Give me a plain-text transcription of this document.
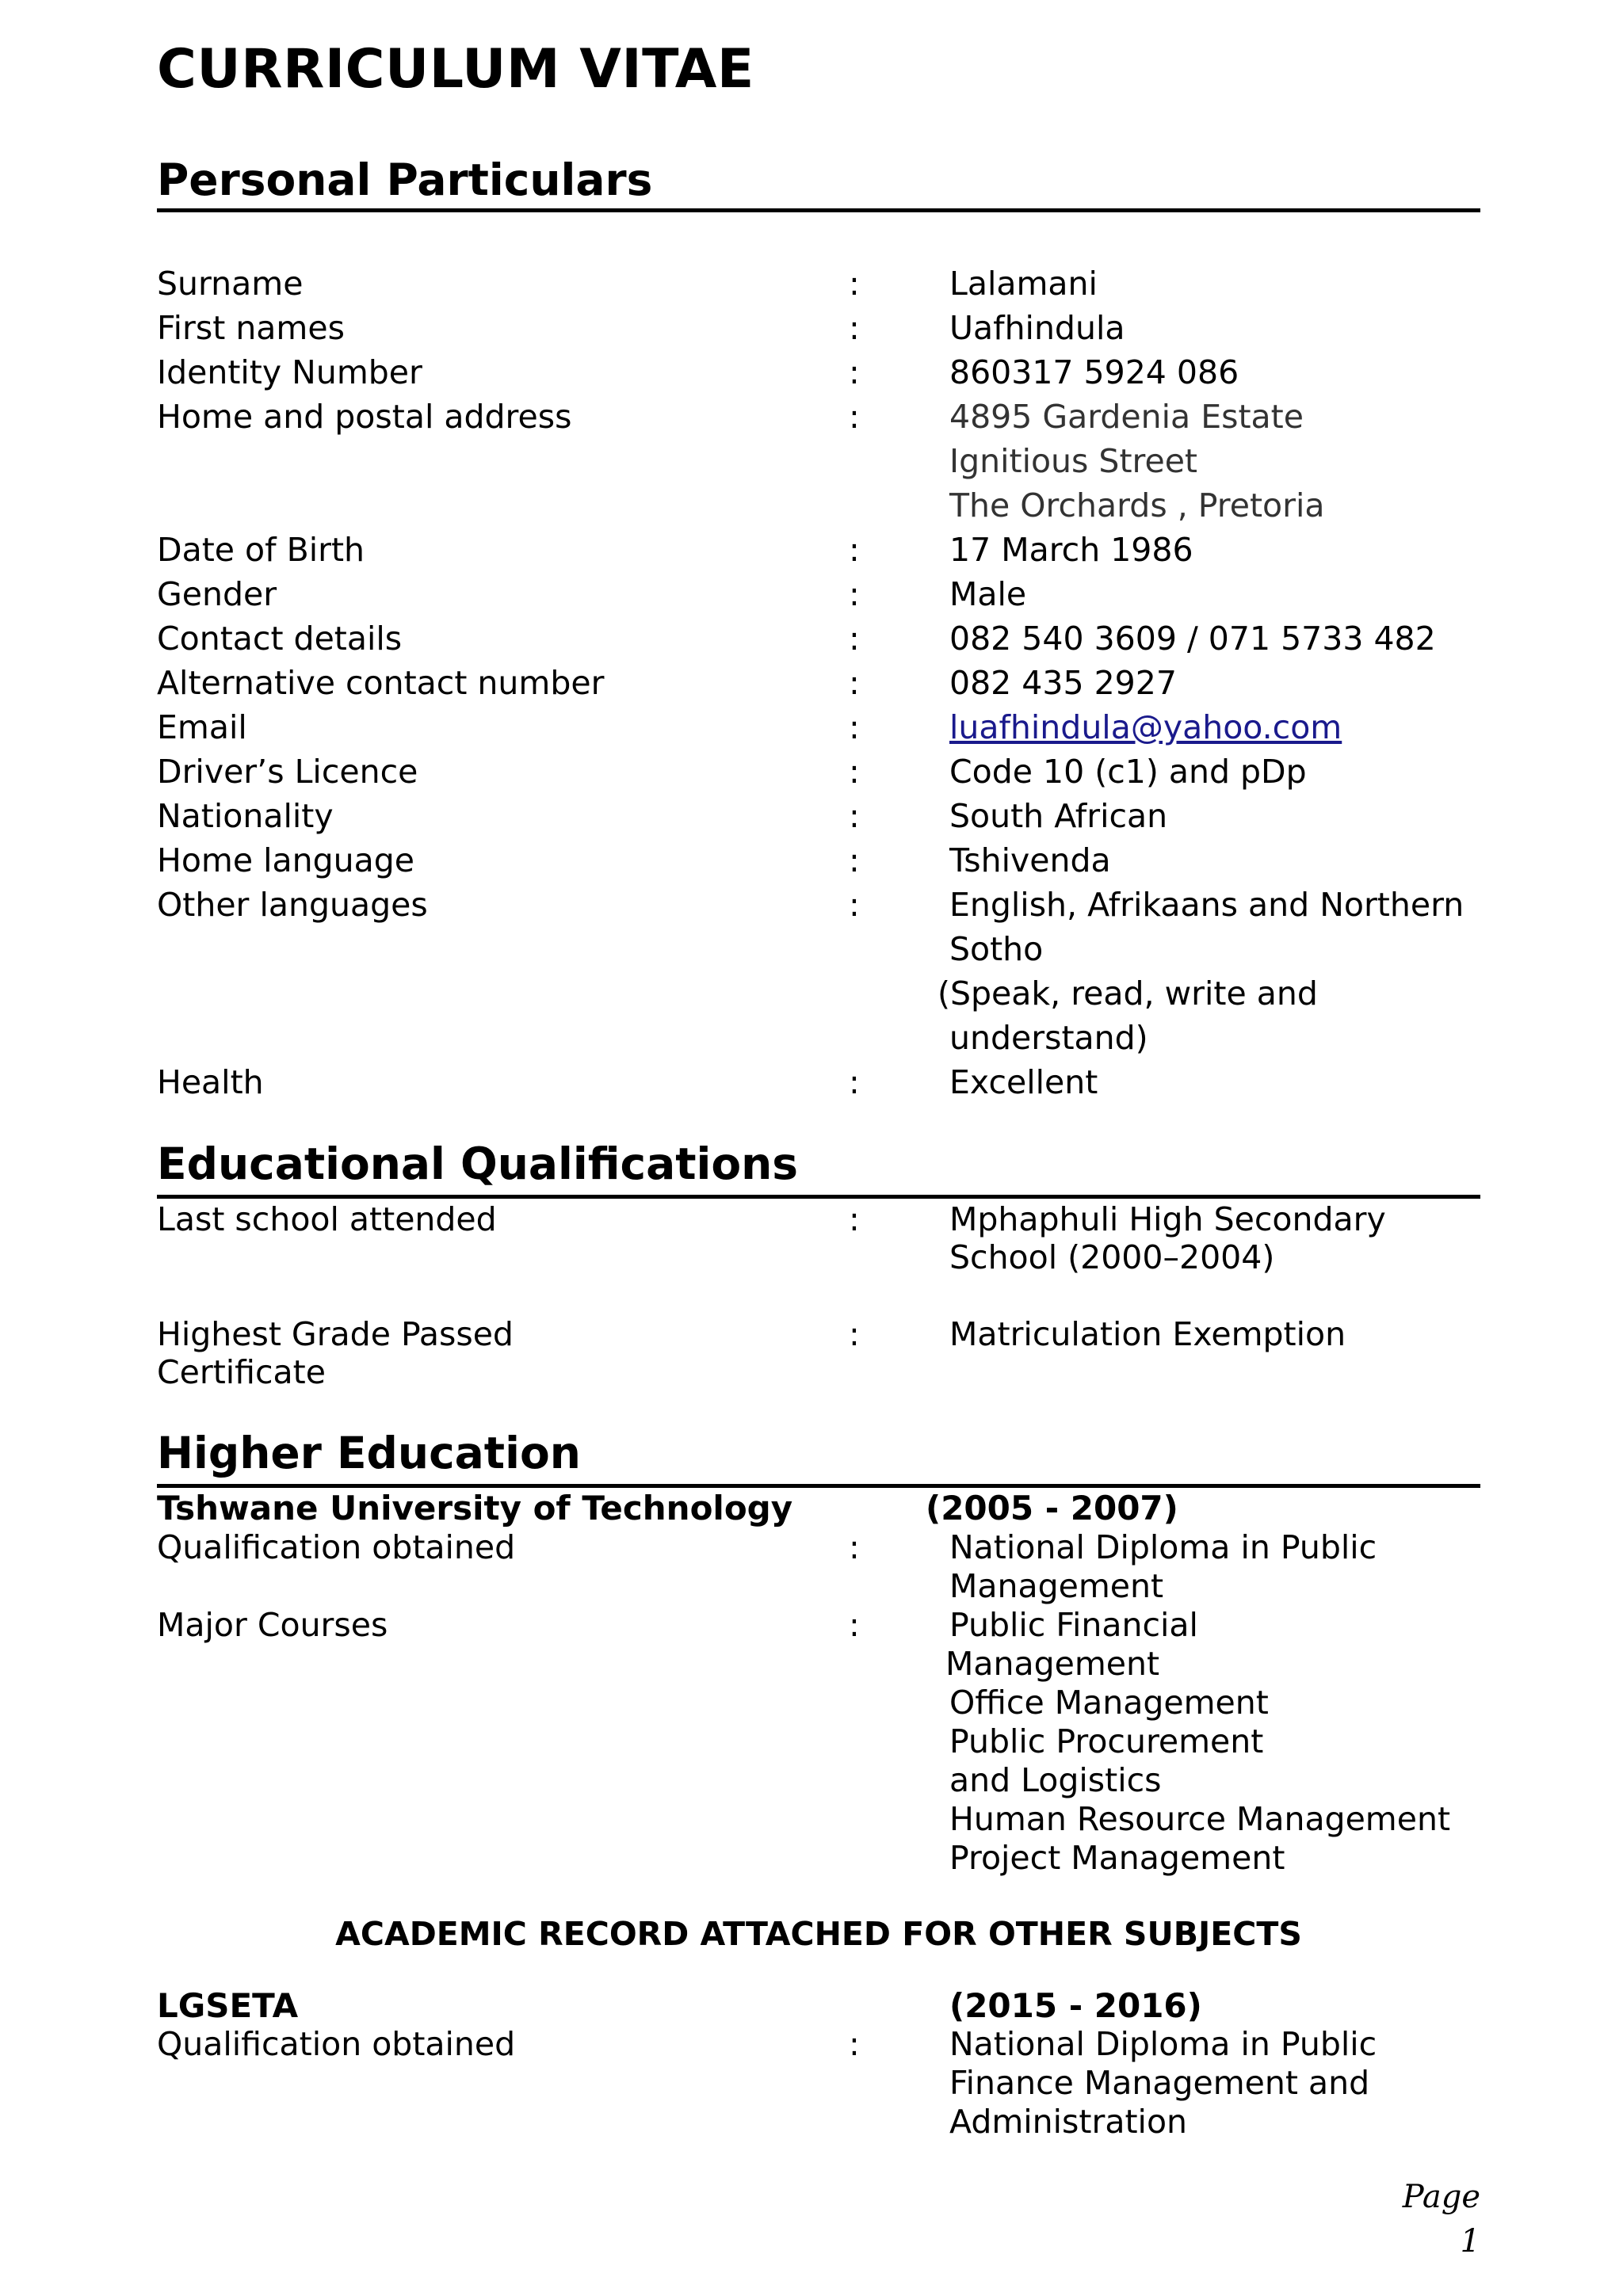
CURRICULUM VITAE
Personal Particulars
Surname	:	Lalamani
First names	:	Uafhindula
Identity Number	:	860317 5924 086
Home and postal address	:	4895 Gardenia Estate
Ignitious Street
The Orchards , Pretoria
Date of Birth	:	17 March 1986
Gender	:	Male
Contact details	:	082 540 3609 / 071 5733 482
Alternative contact number	:	082 435 2927
Email	:	luafhindula@yahoo.com
Driver’s Licence	:	Code 10 (c1) and pDp
Nationality	:	South African
Home language	:	Tshivenda
Other languages	:	English, Afrikaans and Northern
Sotho
(Speak, read, write and
understand)
Health	:	Excellent
Educational Qualifications
Last school attended	:	Mphaphuli High Secondary
School (2000–2004)
Highest Grade Passed
Certificate
:	Matriculation Exemption
Higher Education
Tshwane University of Technology	(2005 - 2007)
Qualification obtained	:	National Diploma in Public
Management
Major Courses	:	Public Financial
Management
Office Management
Public Procurement
and Logistics
Human Resource Management
Project Management
ACADEMIC RECORD ATTACHED FOR OTHER SUBJECTS
LGSETA	(2015 - 2016)
Qualification obtained	:	National Diploma in Public
Finance Management and
Administration
Page 1
